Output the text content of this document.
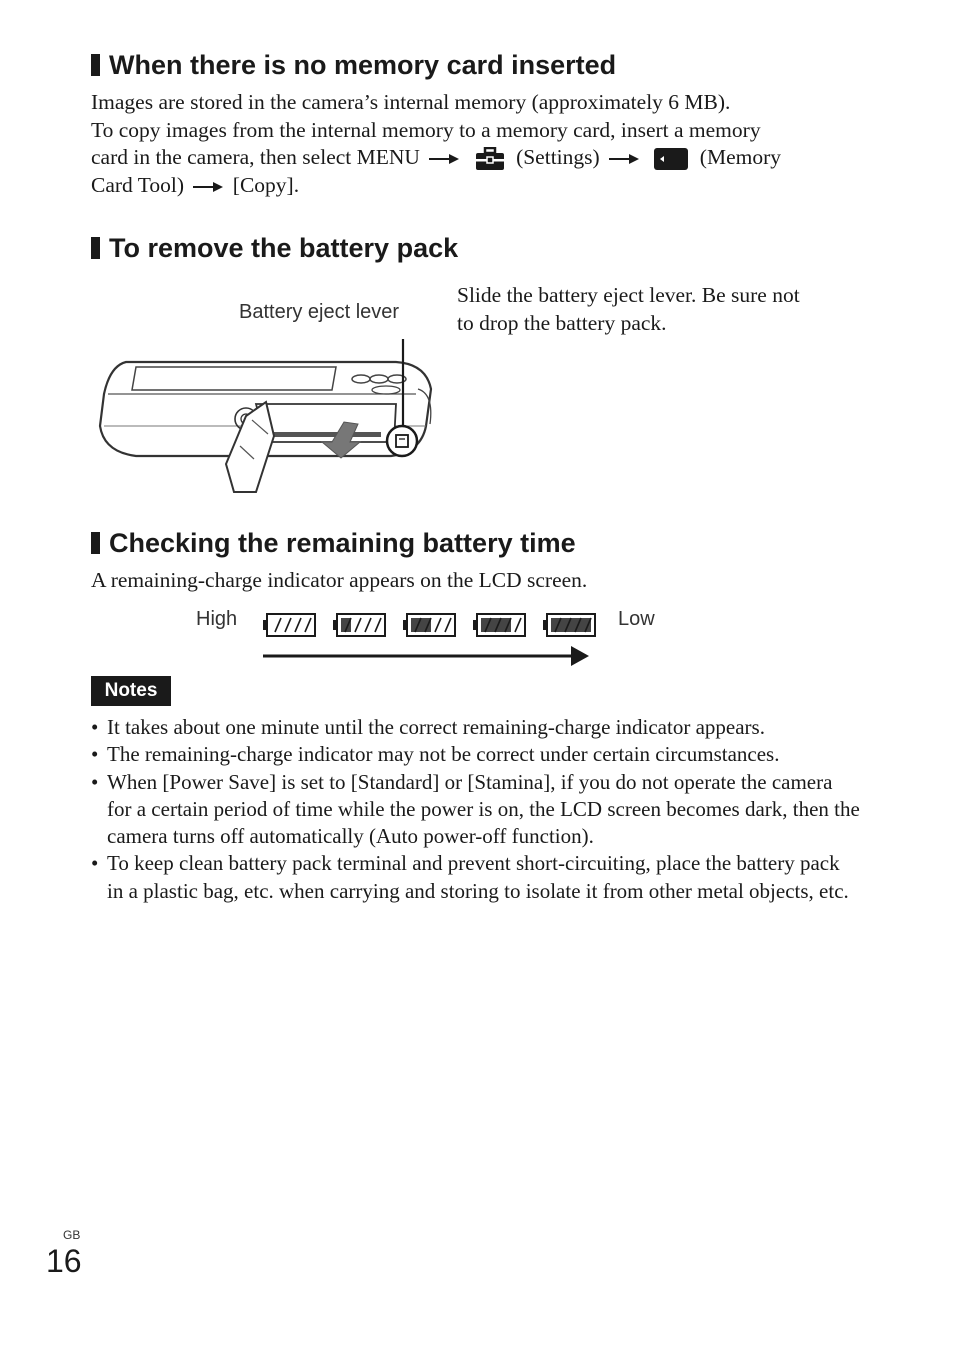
When there is no memory card inserted
Images are stored in the camera’s internal memory (approximately 6 MB).
To copy images from the internal memory to a memory card, insert a memory
card in the camera, then select MENU	(Settings)	(Memory
Card Tool) [Copy].
To remove the battery pack
Battery eject lever
Slide the battery eject lever. Be sure not
to drop the battery pack.
Checking the remaining battery time
A remaining-charge indicator appears on the LCD screen.
High	Low
Notes
• It takes about one minute until the correct remaining-charge indicator appears.
• The remaining-charge indicator may not be correct under certain circumstances.
• When [Power Save] is set to [Standard] or [Stamina], if you do not operate the camera for a certain period of time while the power is on, the LCD screen becomes dark, then the camera turns off automatically (Auto power-off function).
• To keep clean battery pack terminal and prevent short-circuiting, place the battery pack in a plastic bag, etc. when carrying and storing to isolate it from other metal objects, etc.
GB
16
